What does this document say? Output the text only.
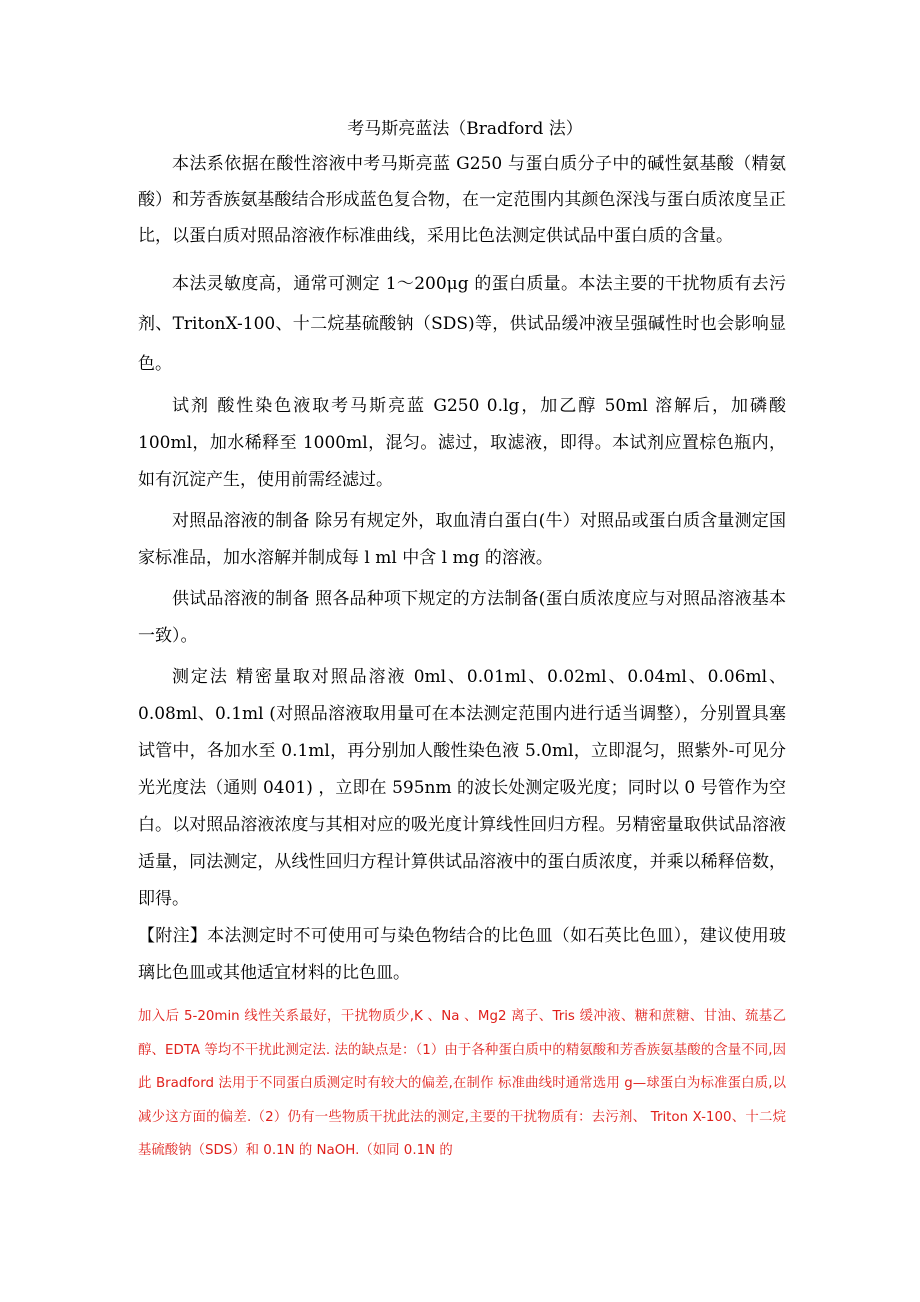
考马斯亮蓝法（Bradford 法）

本法系依据在酸性溶液中考马斯亮蓝 G250 与蛋白质分子中的碱性氨基酸（精氨酸）和芳香族氨基酸结合形成蓝色复合物，在一定范围内其颜色深浅与蛋白质浓度呈正比，以蛋白质对照品溶液作标准曲线，采用比色法测定供试品中蛋白质的含量。

本法灵敏度高，通常可测定 1〜200μg 的蛋白质量。本法主要的干扰物质有去污剂、TritonX-100、十二烷基硫酸钠（SDS)等，供试品缓冲液呈强碱性时也会影响显色。

试剂 酸性染色液取考马斯亮蓝 G250 0.lg，加乙醇 50ml 溶解后，加磷酸 100ml，加水稀释至 1000ml，混匀。滤过，取滤液，即得。本试剂应置棕色瓶内，如有沉淀产生，使用前需经滤过。

对照品溶液的制备 除另有规定外，取血清白蛋白(牛）对照品或蛋白质含量测定国家标准品，加水溶解并制成每 l ml 中含 l mg 的溶液。

供试品溶液的制备 照各品种项下规定的方法制备(蛋白质浓度应与对照品溶液基本一致）。

测定法 精密量取对照品溶液 0ml、0.01ml、0.02ml、0.04ml、0.06ml、0.08ml、0.1ml (对照品溶液取用量可在本法测定范围内进行适当调整），分别置具塞试管中，各加水至 0.1ml，再分别加人酸性染色液 5.0ml，立即混匀，照紫外-可见分光光度法（通则 0401) ，立即在 595nm 的波长处测定吸光度；同时以 0 号管作为空白。以对照品溶液浓度与其相对应的吸光度计算线性回归方程。另精密量取供试品溶液适量，同法测定，从线性回归方程计算供试品溶液中的蛋白质浓度，并乘以稀释倍数，即得。

【附注】本法测定时不可使用可与染色物结合的比色皿（如石英比色皿），建议使用玻璃比色皿或其他适宜材料的比色皿。

加入后 5-20min 线性关系最好，干扰物质少,K 、Na 、Mg2 离子、Tris 缓冲液、糖和蔗糖、甘油、巯基乙醇、EDTA 等均不干扰此测定法. 法的缺点是：（1）由于各种蛋白质中的精氨酸和芳香族氨基酸的含量不同,因此 Bradford 法用于不同蛋白质测定时有较大的偏差,在制作 标准曲线时通常选用 g—球蛋白为标准蛋白质,以减少这方面的偏差.（2）仍有一些物质干扰此法的测定,主要的干扰物质有：去污剂、 Triton X-100、十二烷基硫酸钠（SDS）和 0.1N 的 NaOH.（如同 0.1N 的
